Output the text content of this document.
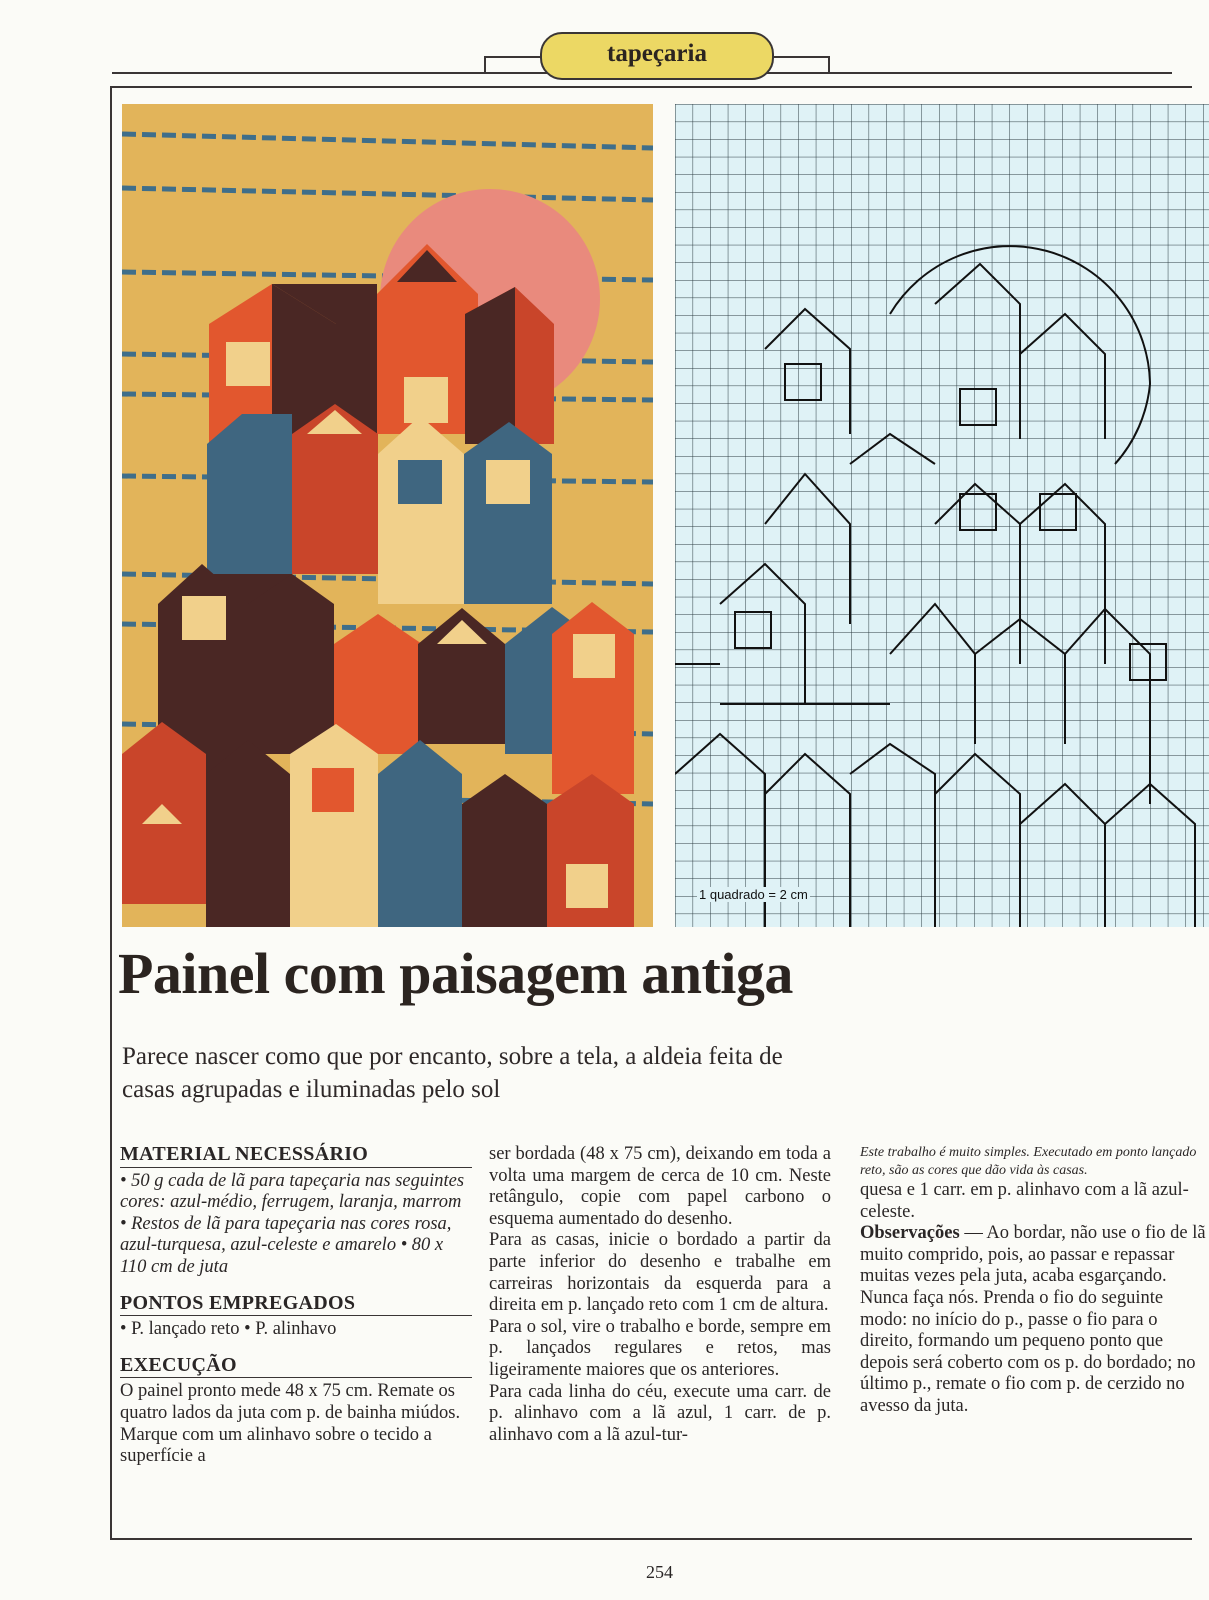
tapeçaria
1 quadrado = 2 cm
Painel com paisagem antiga
Parece nascer como que por encanto, sobre a tela, a aldeia feita de casas agrupadas e iluminadas pelo sol
MATERIAL NECESSÁRIO

• 50 g cada de lã para tapeçaria nas seguintes cores: azul-médio, ferrugem, laranja, marrom • Restos de lã para tapeçaria nas cores rosa, azul-turquesa, azul-celeste e amarelo • 80 x 110 cm de juta

PONTOS EMPREGADOS

• P. lançado reto • P. alinhavo

EXECUÇÃO

O painel pronto mede 48 x 75 cm. Remate os quatro lados da juta com p. de bainha miúdos. Marque com um alinhavo sobre o tecido a superfície a

ser bordada (48 x 75 cm), deixando em toda a volta uma margem de cerca de 10 cm. Neste retângulo, copie com papel carbono o esquema aumentado do desenho.

Para as casas, inicie o bordado a partir da parte inferior do desenho e trabalhe em carreiras horizontais da esquerda para a direita em p. lançado reto com 1 cm de altura.

Para o sol, vire o trabalho e borde, sempre em p. lançados regulares e retos, mas ligeiramente maiores que os anteriores.

Para cada linha do céu, execute uma carr. de p. alinhavo com a lã azul, 1 carr. de p. alinhavo com a lã azul-tur-

Este trabalho é muito simples. Executado em ponto lançado reto, são as cores que dão vida às casas.

quesa e 1 carr. em p. alinhavo com a lã azul-celeste.

Observações — Ao bordar, não use o fio de lã muito comprido, pois, ao passar e repassar muitas vezes pela juta, acaba esgarçando.

Nunca faça nós. Prenda o fio do seguinte modo: no início do p., passe o fio para o direito, formando um pequeno ponto que depois será coberto com os p. do bordado; no último p., remate o fio com p. de cerzido no avesso da juta.

254
